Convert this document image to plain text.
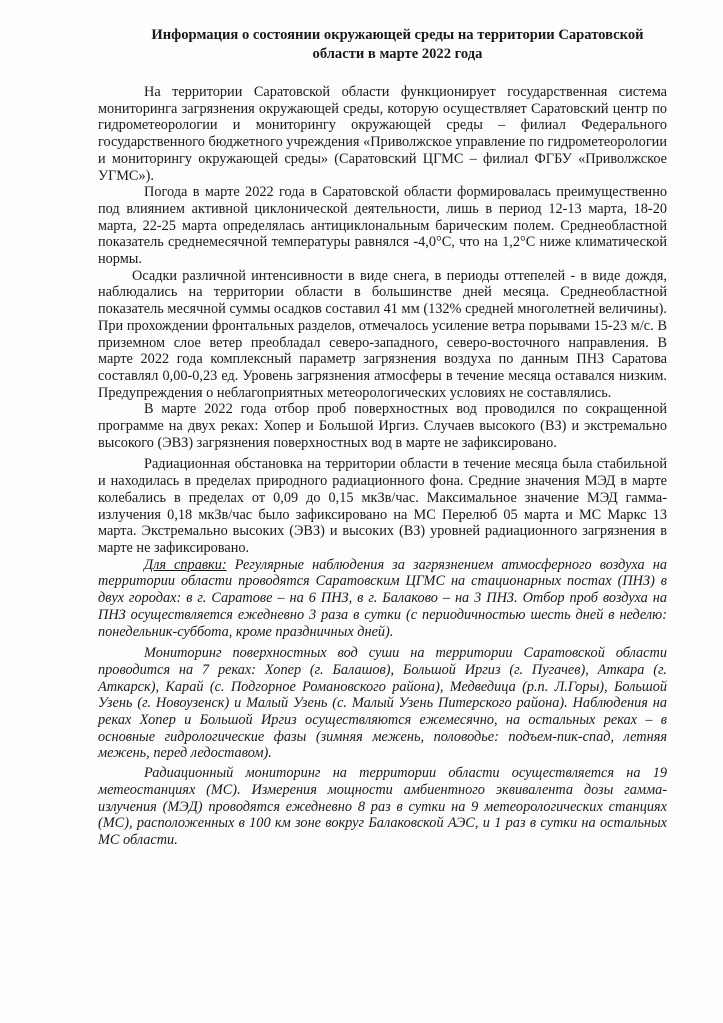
Информация о состоянии окружающей среды на территории Саратовской
области в марте 2022 года

На территории Саратовской области функционирует государственная система мониторинга загрязнения окружающей среды, которую осуществляет Саратовский центр по гидрометеорологии и мониторингу окружающей среды – филиал Федерального государственного бюджетного учреждения «Приволжское управление по гидрометеорологии и мониторингу окружающей среды» (Саратовский ЦГМС – филиал ФГБУ «Приволжское УГМС»).

Погода в марте 2022 года в Саратовской области формировалась преимущественно под влиянием активной циклонической деятельности, лишь в период 12-13 марта, 18-20 марта, 22-25 марта определялась антициклональным барическим полем. Среднеобластной показатель среднемесячной температуры равнялся -4,0°С, что на 1,2°С ниже климатической нормы.

Осадки различной интенсивности в виде снега, в периоды оттепелей - в виде дождя, наблюдались на территории области в большинстве дней месяца. Среднеобластной показатель месячной суммы осадков составил 41 мм (132% средней многолетней величины). При прохождении фронтальных разделов, отмечалось усиление ветра порывами 15-23 м/с. В приземном слое ветер преобладал северо-западного, северо-восточного направления. В марте 2022 года комплексный параметр загрязнения воздуха по данным ПНЗ Саратова составлял 0,00-0,23 ед. Уровень загрязнения атмосферы в течение месяца оставался низким. Предупреждения о неблагоприятных метеорологических условиях не составлялись.

В марте 2022 года отбор проб поверхностных вод проводился по сокращенной программе на двух реках: Хопер и Большой Иргиз. Случаев высокого (ВЗ) и экстремально высокого (ЭВЗ) загрязнения поверхностных вод в марте не зафиксировано.

Радиационная обстановка на территории области в течение месяца была стабильной и находилась в пределах природного радиационного фона. Средние значения МЭД в марте колебались в пределах от 0,09 до 0,15 мкЗв/час. Максимальное значение МЭД гамма-излучения 0,18 мкЗв/час было зафиксировано на МС Перелюб 05 марта и МС Маркс 13 марта. Экстремально высоких (ЭВЗ) и высоких (ВЗ) уровней радиационного загрязнения в марте не зафиксировано.

Для справки: Регулярные наблюдения за загрязнением атмосферного воздуха на территории области проводятся Саратовским ЦГМС на стационарных постах (ПНЗ) в двух городах: в г. Саратове – на 6 ПНЗ, в г. Балаково – на 3 ПНЗ. Отбор проб воздуха на ПНЗ осуществляется ежедневно 3 раза в сутки (с периодичностью шесть дней в неделю: понедельник-суббота, кроме праздничных дней).

Мониторинг поверхностных вод суши на территории Саратовской области проводится на 7 реках: Хопер (г. Балашов), Большой Иргиз (г. Пугачев), Аткара (г. Аткарск), Карай (с. Подгорное Романовского района), Медведица (р.п. Л.Горы), Большой Узень (г. Новоузенск) и Малый Узень (с. Малый Узень Питерского района). Наблюдения на реках Хопер и Большой Иргиз осуществляются ежемесячно, на остальных реках – в основные гидрологические фазы (зимняя межень, половодье: подъем-пик-спад, летняя межень, перед ледоставом).

Радиационный мониторинг на территории области осуществляется на 19 метеостанциях (МС). Измерения мощности амбиентного эквивалента дозы гамма-излучения (МЭД) проводятся ежедневно 8 раз в сутки на 9 метеорологических станциях (МС), расположенных в 100 км зоне вокруг Балаковской АЭС, и 1 раз в сутки на остальных МС области.
